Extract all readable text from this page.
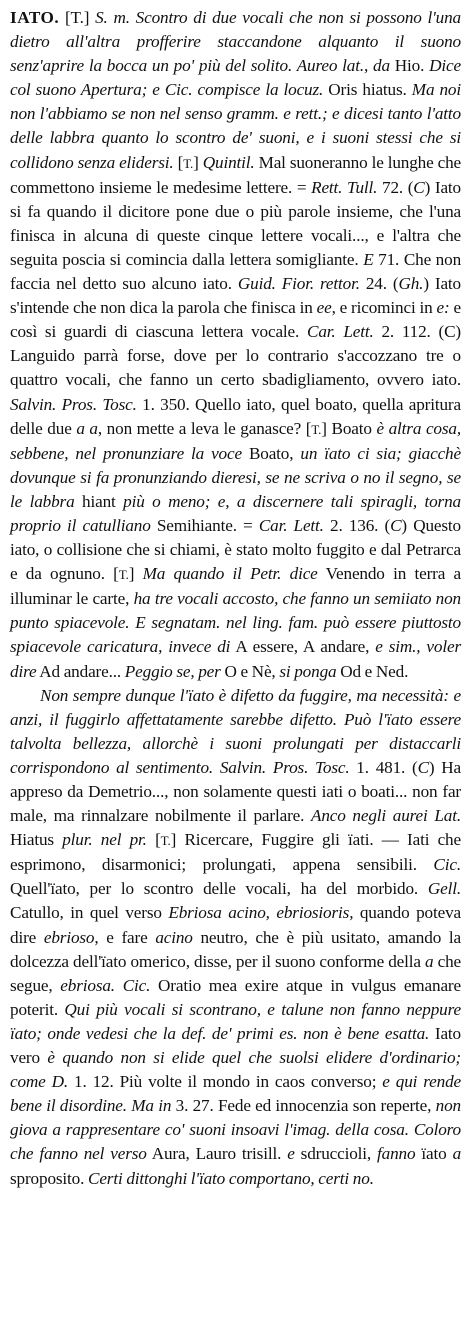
IATO. [T.] S. m. Scontro di due vocali che non si possono l'una dietro all'altra profferire staccandone alquanto il suono senz'aprire la bocca un po' più del solito. Aureo lat., da Hio. Dice col suono Apertura; e Cic. compisce la locuz. Oris hiatus. Ma noi non l'abbiamo se non nel senso gramm. e rett.; e dicesi tanto l'atto delle labbra quanto lo scontro de' suoni, e i suoni stessi che si collidono senza elidersi. [T.] Quintil. Mal suoneranno le lunghe che commettono insieme le medesime lettere. = Rett. Tull. 72. (C) Iato si fa quando il dicitore pone due o più parole insieme, che l'una finisca in alcuna di queste cinque lettere vocali..., e l'altra che seguita poscia si comincia dalla lettera somigliante. E 71. Che non faccia nel detto suo alcuno iato. Guid. Fior. rettor. 24. (Gh.) Iato s'intende che non dica la parola che finisca in ee, e ricominci in e: e così si guardi di ciascuna lettera vocale. Car. Lett. 2. 112. (C) Languido parrà forse, dove per lo contrario s'accozzano tre o quattro vocali, che fanno un certo sbadigliamento, ovvero iato. Salvin. Pros. Tosc. 1. 350. Quello iato, quel boato, quella apritura delle due a a, non mette a leva le ganasce? [T.] Boato è altra cosa, sebbene, nel pronunziare la voce Boato, un ïato ci sia; giacchè dovunque si fa pronunziando dieresi, se ne scriva o no il segno, se le labbra hiant più o meno; e, a discernere tali spiragli, torna proprio il catulliano Semihiante. = Car. Lett. 2. 136. (C) Questo iato, o collisione che si chiami, è stato molto fuggito e dal Petrarca e da ognuno. [T.] Ma quando il Petr. dice Venendo in terra a illuminar le carte, ha tre vocali accosto, che fanno un semiiato non punto spiacevole. E segnatam. nel ling. fam. può essere piuttosto spiacevole caricatura, invece di A essere, A andare, e sim., voler dire Ad andare... Peggio se, per O e Nè, si ponga Od e Ned.

Non sempre dunque l'ïato è difetto da fuggire, ma necessità: e anzi, il fuggirlo affettatamente sarebbe difetto. Può l'ïato essere talvolta bellezza, allorchè i suoni prolungati per distaccarli corrispondono al sentimento. Salvin. Pros. Tosc. 1. 481. (C) Ha appreso da Demetrio..., non solamente questi iati o boati... non far male, ma rinnalzare nobilmente il parlare. Anco negli aurei Lat. Hiatus plur. nel pr. [T.] Ricercare, Fuggire gli ïati. — Iati che esprimono, disarmonici; prolungati, appena sensibili. Cic. Quell'ïato, per lo scontro delle vocali, ha del morbido. Gell. Catullo, in quel verso Ebriosa acino, ebriosioris, quando poteva dire ebrioso, e fare acino neutro, che è più usitato, amando la dolcezza dell'ïato omerico, disse, per il suono conforme della a che segue, ebriosa. Cic. Oratio mea exire atque in vulgus emanare poterit. Qui più vocali si scontrano, e talune non fanno neppure ïato; onde vedesi che la def. de' primi es. non è bene esatta. Iato vero è quando non si elide quel che suolsi elidere d'ordinario; come D. 1. 12. Più volte il mondo in caos converso; e qui rende bene il disordine. Ma in 3. 27. Fede ed innocenzia son reperte, non giova a rappresentare co' suoni insoavi l'imag. della cosa. Coloro che fanno nel verso Aura, Lauro trisill. e sdruccioli, fanno ïato a sproposito. Certi dittonghi l'ïato comportano, certi no.
